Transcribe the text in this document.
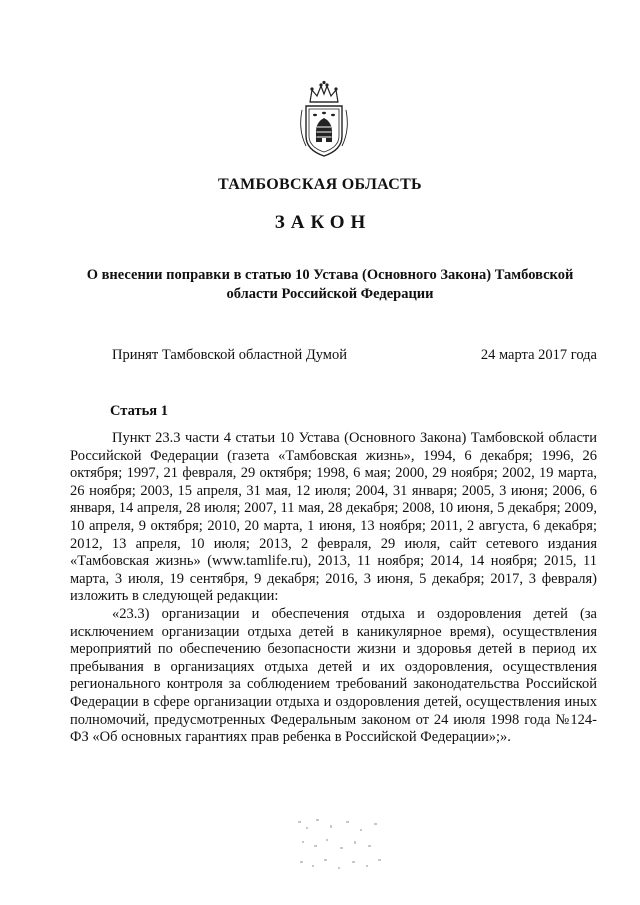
ТАМБОВСКАЯ ОБЛАСТЬ
ЗАКОН
О внесении поправки в статью 10 Устава (Основного Закона) Тамбовской области Российской Федерации
Принят Тамбовской областной Думой	24 марта 2017 года
Статья 1

Пункт 23.3 части 4 статьи 10 Устава (Основного Закона) Тамбовской области Российской Федерации (газета «Тамбовская жизнь», 1994, 6 декабря; 1996, 26 октября; 1997, 21 февраля, 29 октября; 1998, 6 мая; 2000, 29 ноября; 2002, 19 марта, 26 ноября; 2003, 15 апреля, 31 мая, 12 июля; 2004, 31 января; 2005, 3 июня; 2006, 6 января, 14 апреля, 28 июля; 2007, 11 мая, 28 декабря; 2008, 10 июня, 5 декабря; 2009, 10 апреля, 9 октября; 2010, 20 марта, 1 июня, 13 ноября; 2011, 2 августа, 6 декабря; 2012, 13 апреля, 10 июля; 2013, 2 февраля, 29 июля, сайт сетевого издания «Тамбовская жизнь» (www.tamlife.ru), 2013, 11 ноября; 2014, 14 ноября; 2015, 11 марта, 3 июля, 19 сентября, 9 декабря; 2016, 3 июня, 5 декабря; 2017, 3 февраля) изложить в следующей редакции:

«23.3) организации и обеспечения отдыха и оздоровления детей (за исключением организации отдыха детей в каникулярное время), осуществления мероприятий по обеспечению безопасности жизни и здоровья детей в период их пребывания в организациях отдыха детей и их оздоровления, осуществления регионального контроля за соблюдением требований законодательства Российской Федерации в сфере организации отдыха и оздоровления детей, осуществления иных полномочий, предусмотренных Федеральным законом от 24 июля 1998 года №124-ФЗ «Об основных гарантиях прав ребенка в Российской Федерации»;».
